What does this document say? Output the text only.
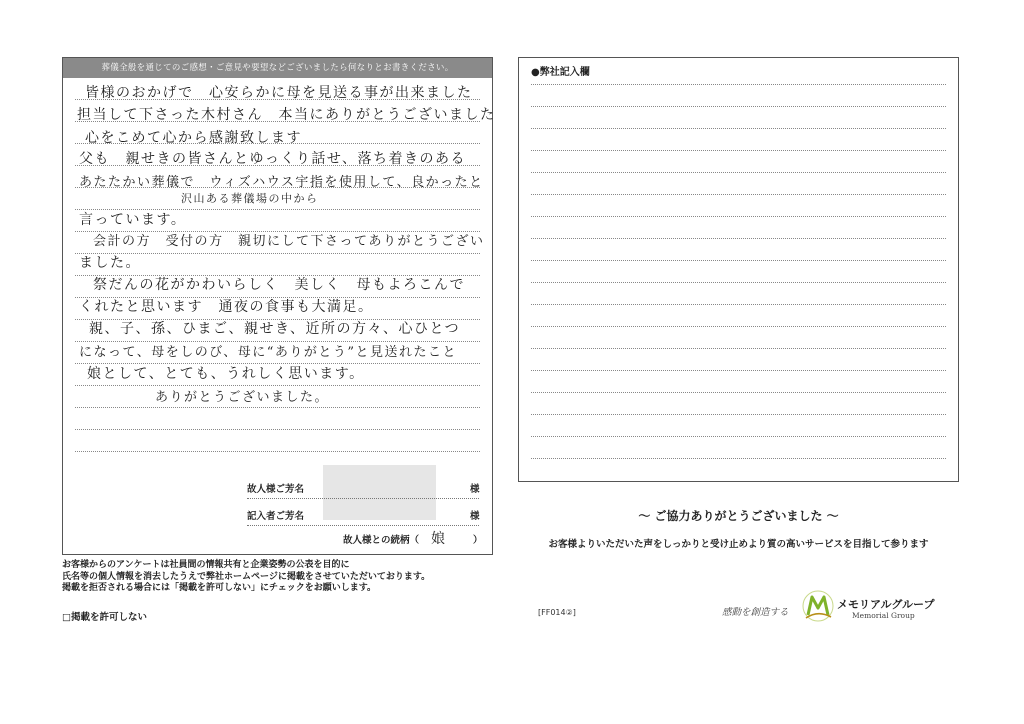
葬儀全般を通じてのご感想・ご意見や要望などございましたら何なりとお書きください。
皆様のおかげで　心安らかに母を見送る事が出来ました
担当して下さった木村さん　本当にありがとうございました
心をこめて心から感謝致します
父も　親せきの皆さんとゆっくり話せ、落ち着きのある
あたたかい葬儀で　ウィズハウス宇指を使用して、良かったと
沢山ある葬儀場の中から
言っています。
会計の方　受付の方　親切にして下さってありがとうござい
ました。
祭だんの花がかわいらしく　美しく　母もよろこんで
くれたと思います　通夜の食事も大満足。
親、子、孫、ひまご、親せき、近所の方々、心ひとつ
になって、母をしのび、母に“ありがとう”と見送れたこと
娘として、とても、うれしく思います。
ありがとうございました。
故人様ご芳名	様
記入者ご芳名	様
故人様との続柄（ 娘	）
●弊社記入欄
～ ご協力ありがとうございました ～
お客様よりいただいた声をしっかりと受け止めより質の高いサービスを目指して参ります
お客様からのアンケートは社員間の情報共有と企業姿勢の公表を目的に
氏名等の個人情報を消去したうえで弊社ホームページに掲載をさせていただいております。
掲載を拒否される場合には「掲載を許可しない」にチェックをお願いします。
□掲載を許可しない	[FF014②]	感動を創造する
メモリアルグループ
Memorial Group
